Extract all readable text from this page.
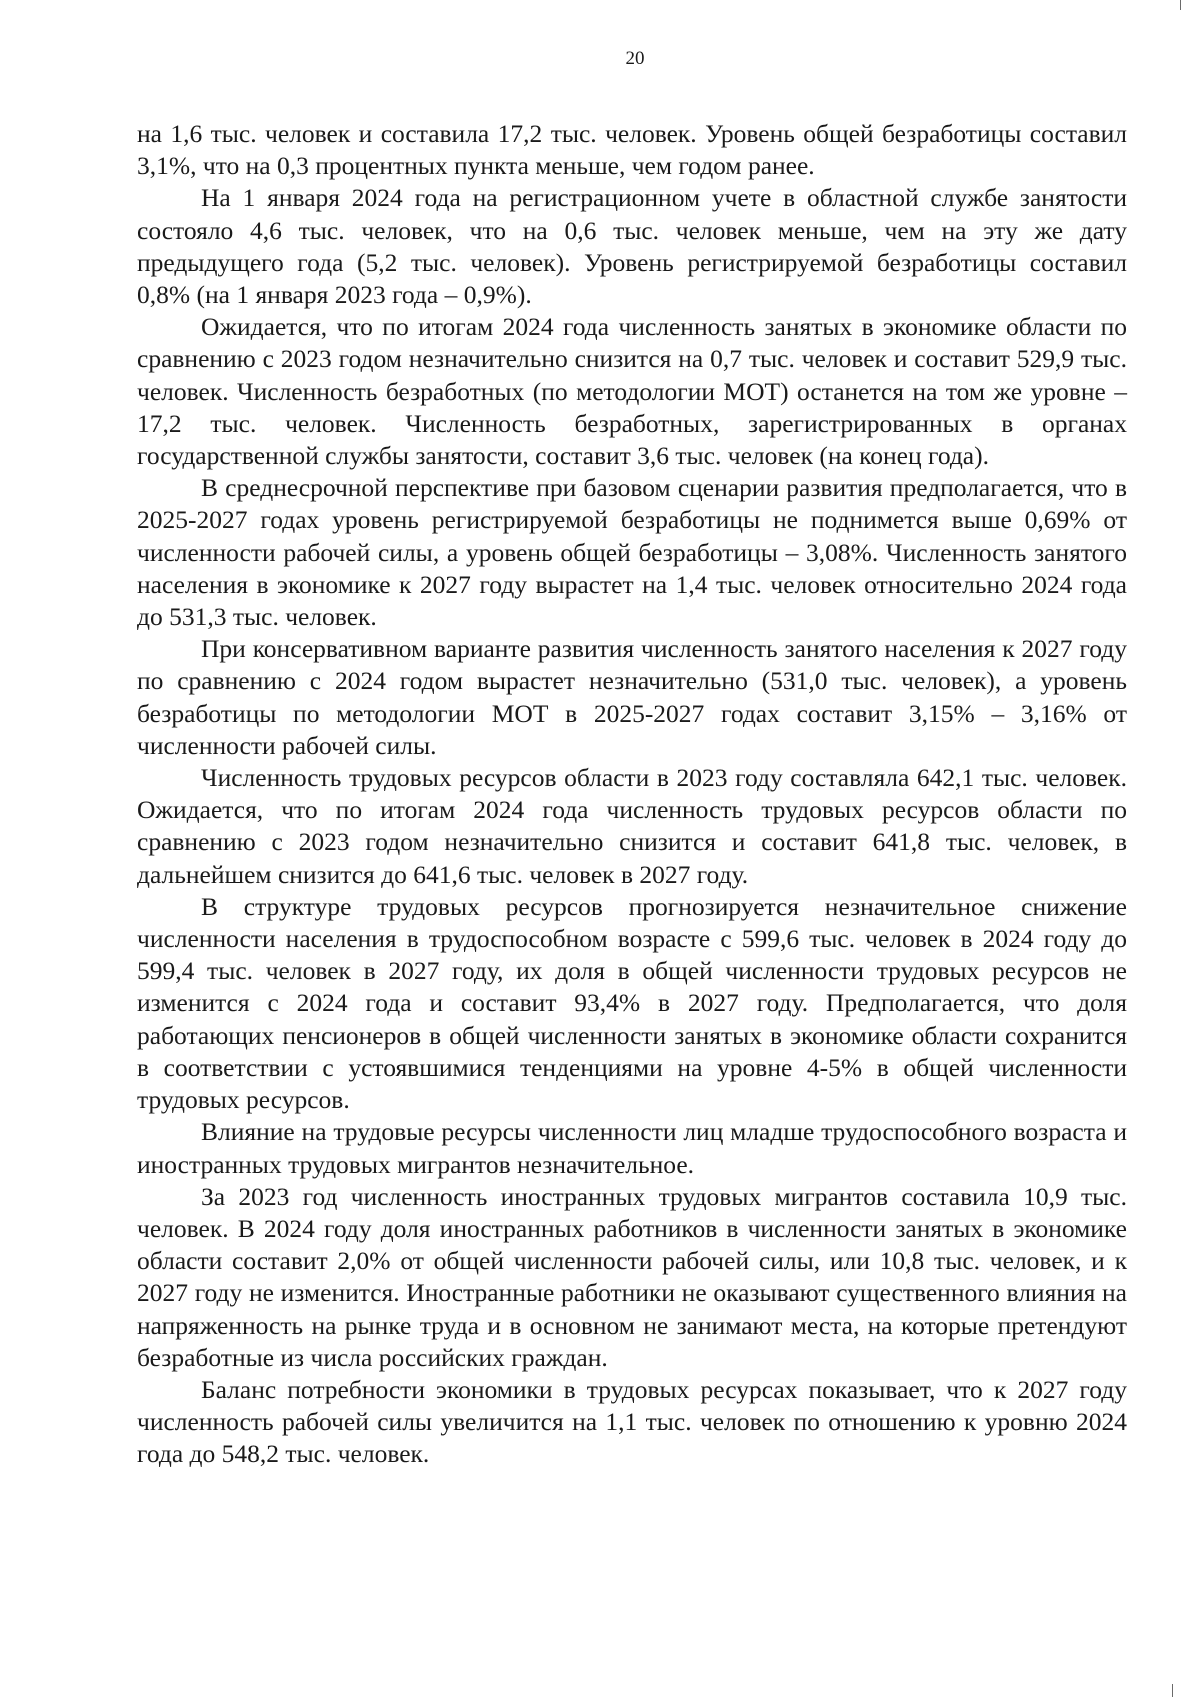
20

на 1,6 тыс. человек и составила 17,2 тыс. человек. Уровень общей безработицы составил 3,1%, что на 0,3 процентных пункта меньше, чем годом ранее.

На 1 января 2024 года на регистрационном учете в областной службе занятости состояло 4,6 тыс. человек, что на 0,6 тыс. человек меньше, чем на эту же дату предыдущего года (5,2 тыс. человек). Уровень регистрируемой безработицы составил 0,8% (на 1 января 2023 года – 0,9%).

Ожидается, что по итогам 2024 года численность занятых в экономике области по сравнению с 2023 годом незначительно снизится на 0,7 тыс. человек и составит 529,9 тыс. человек. Численность безработных (по методологии МОТ) останется на том же уровне – 17,2 тыс. человек. Численность безработных, зарегистрированных в органах государственной службы занятости, составит 3,6 тыс. человек (на конец года).

В среднесрочной перспективе при базовом сценарии развития предполагается, что в 2025-2027 годах уровень регистрируемой безработицы не поднимется выше 0,69% от численности рабочей силы, а уровень общей безработицы – 3,08%. Численность занятого населения в экономике к 2027 году вырастет на 1,4 тыс. человек относительно 2024 года до 531,3 тыс. человек.

При консервативном варианте развития численность занятого населения к 2027 году по сравнению с 2024 годом вырастет незначительно (531,0 тыс. человек), а уровень безработицы по методологии МОТ в 2025-2027 годах составит 3,15% – 3,16% от численности рабочей силы.

Численность трудовых ресурсов области в 2023 году составляла 642,1 тыс. человек. Ожидается, что по итогам 2024 года численность трудовых ресурсов области по сравнению с 2023 годом незначительно снизится и составит 641,8 тыс. человек, в дальнейшем снизится до 641,6 тыс. человек в 2027 году.

В структуре трудовых ресурсов прогнозируется незначительное снижение численности населения в трудоспособном возрасте с 599,6 тыс. человек в 2024 году до 599,4 тыс. человек в 2027 году, их доля в общей численности трудовых ресурсов не изменится с 2024 года и составит 93,4% в 2027 году. Предполагается, что доля работающих пенсионеров в общей численности занятых в экономике области сохранится в соответствии с устоявшимися тенденциями на уровне 4-5% в общей численности трудовых ресурсов.

Влияние на трудовые ресурсы численности лиц младше трудоспособного возраста и иностранных трудовых мигрантов незначительное.

За 2023 год численность иностранных трудовых мигрантов составила 10,9 тыс. человек. В 2024 году доля иностранных работников в численности занятых в экономике области составит 2,0% от общей численности рабочей силы, или 10,8 тыс. человек, и к 2027 году не изменится. Иностранные работники не оказывают существенного влияния на напряженность на рынке труда и в основном не занимают места, на которые претендуют безработные из числа российских граждан.

Баланс потребности экономики в трудовых ресурсах показывает, что к 2027 году численность рабочей силы увеличится на 1,1 тыс. человек по отношению к уровню 2024 года до 548,2 тыс. человек.
